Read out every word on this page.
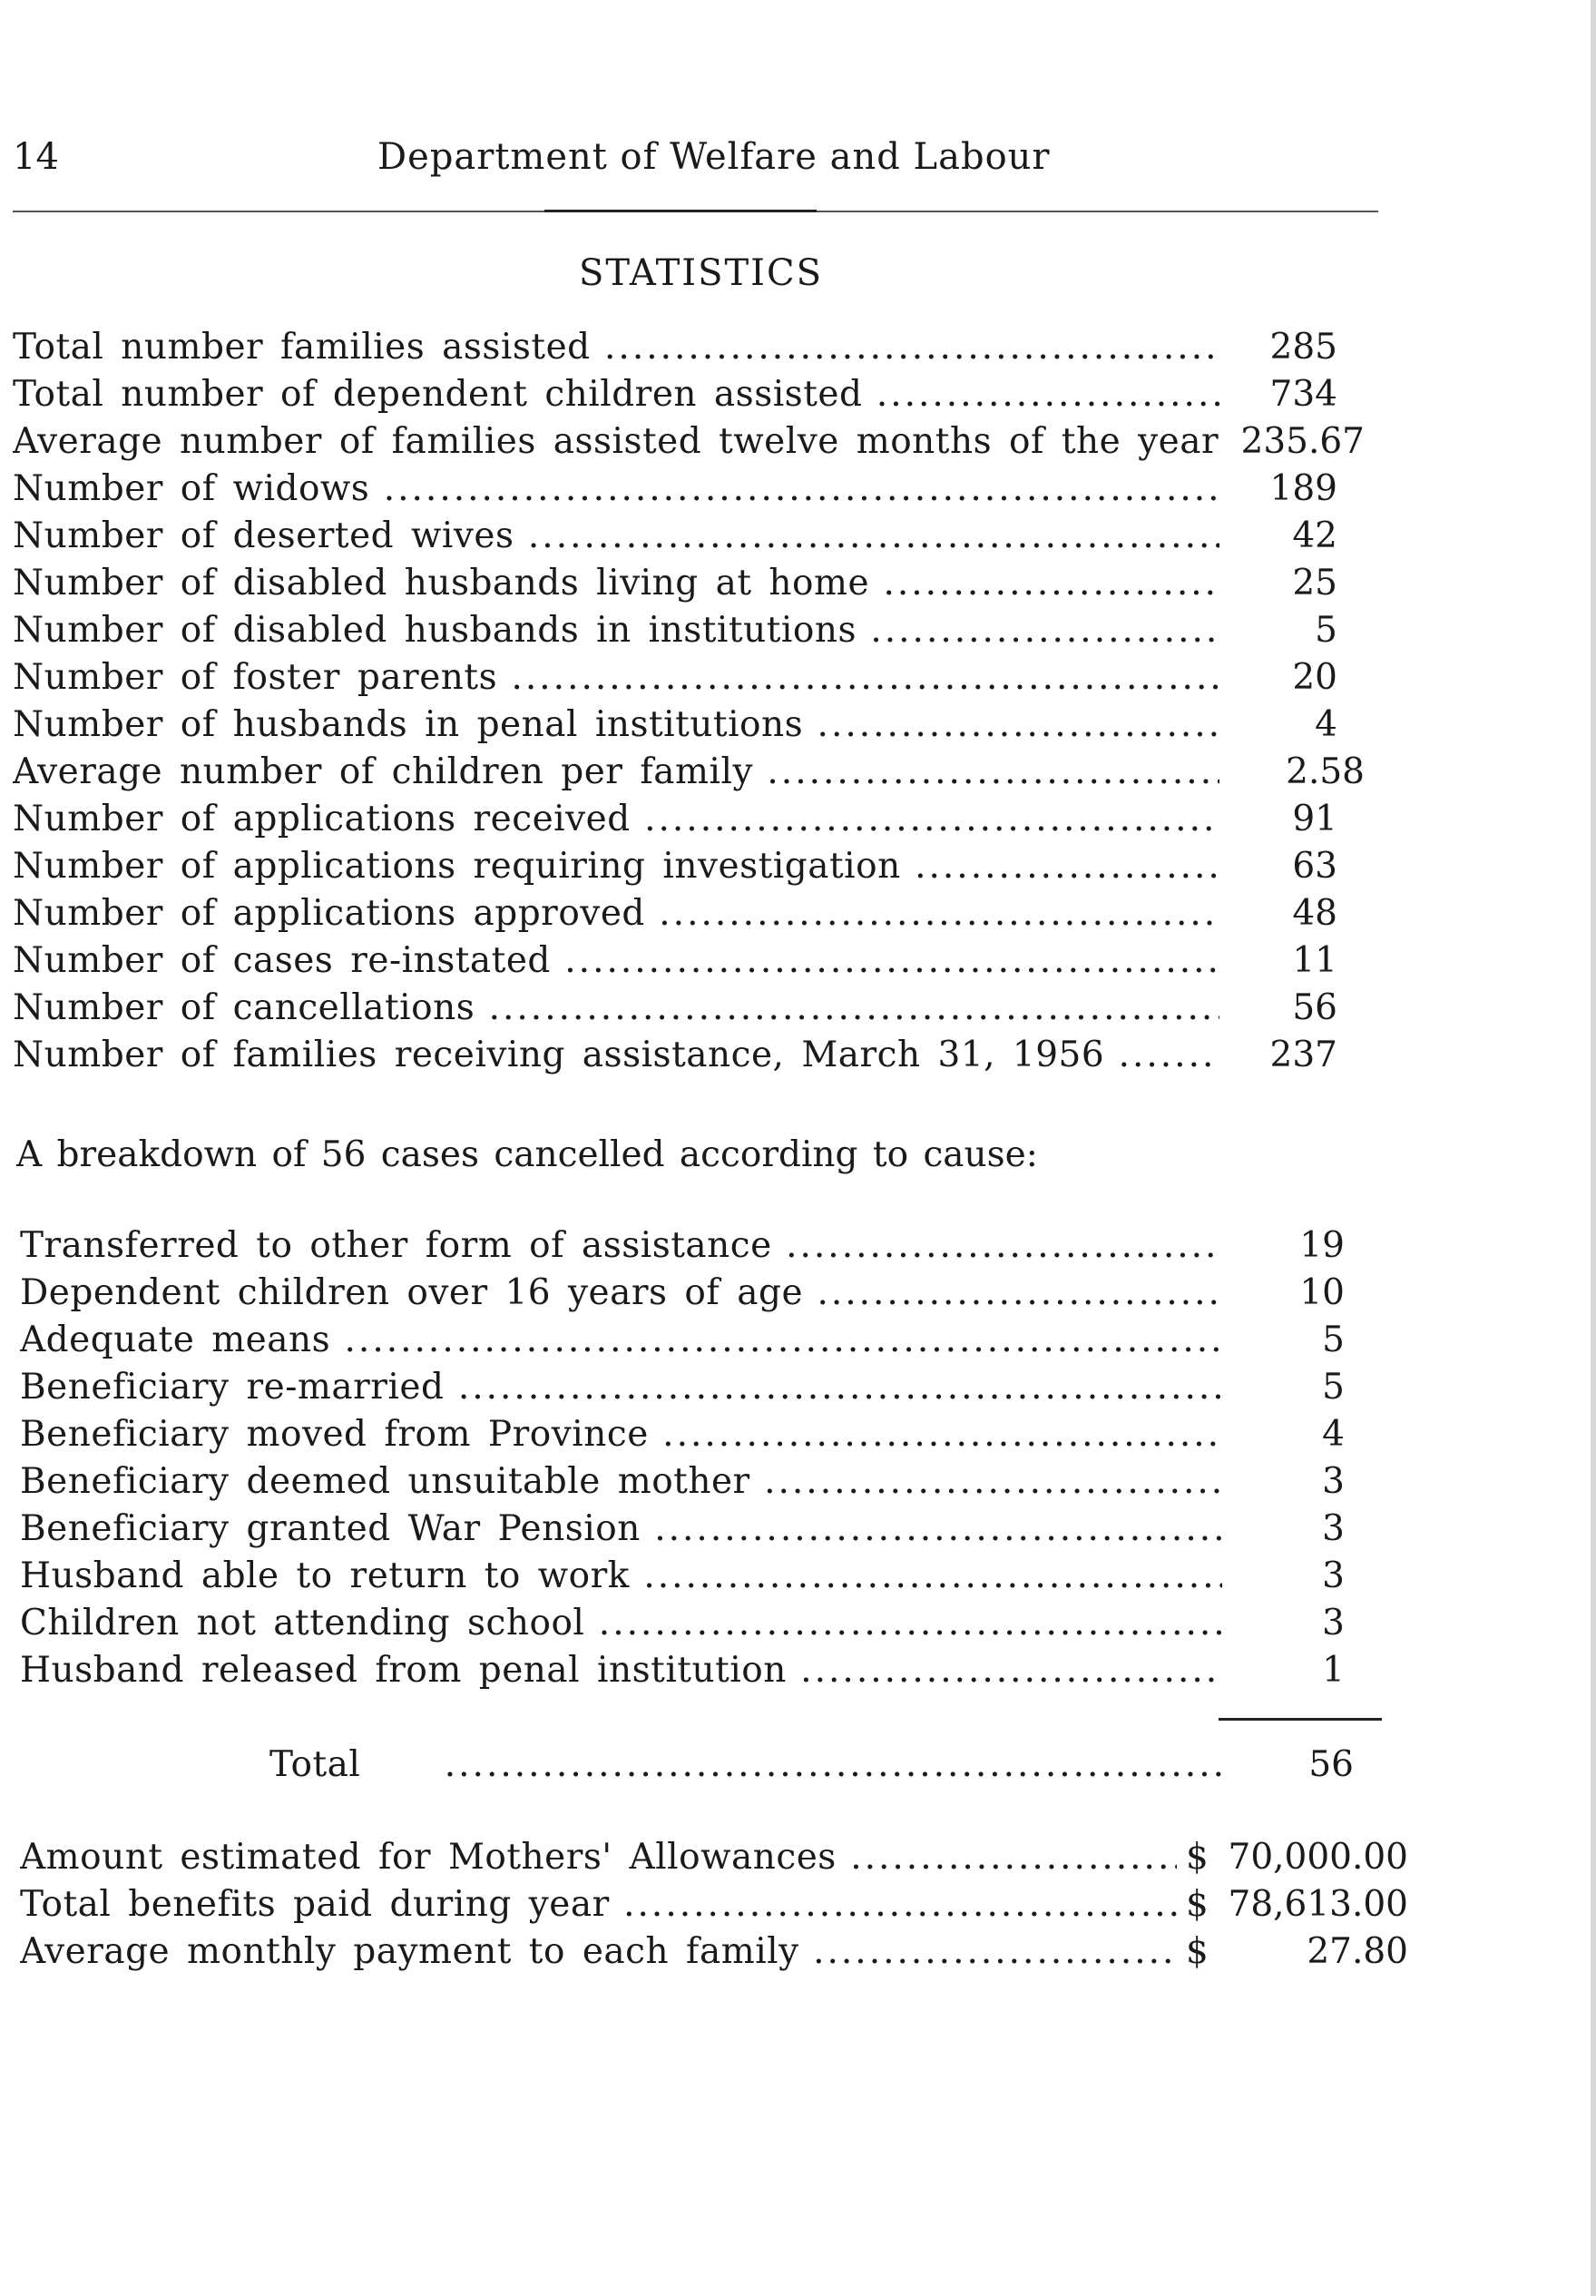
14	Department of Welfare and Labour
STATISTICS
Total number families assisted .....	285
Total number of dependent children assisted .....	734
Average number of families assisted twelve months of the year ..... 235.67
Number of widows .....	189
Number of deserted wives .....	42
Number of disabled husbands living at home .....	25
Number of disabled husbands in institutions .....	5
Number of foster parents .....	20
Number of husbands in penal institutions .....	4
Average number of children per family .....	2.58
Number of applications received .....	91
Number of applications requiring investigation .....	63
Number of applications approved .....	48
Number of cases re-instated .....	11
Number of cancellations .....	56
Number of families receiving assistance, March 31, 1956 .....	237
A breakdown of 56 cases cancelled according to cause:
Transferred to other form of assistance .....	19
Dependent children over 16 years of age .....	10
Adequate means .....	5
Beneficiary re-married .....	5
Beneficiary moved from Province .....	4
Beneficiary deemed unsuitable mother .....	3
Beneficiary granted War Pension .....	3
Husband able to return to work .....	3
Children not attending school .....	3
Husband released from penal institution .....	1
Total .....	56
Amount estimated for Mothers' Allowances .....	$ 70,000.00
Total benefits paid during year .....	$ 78,613.00
Average monthly payment to each family .....	$	27.80
